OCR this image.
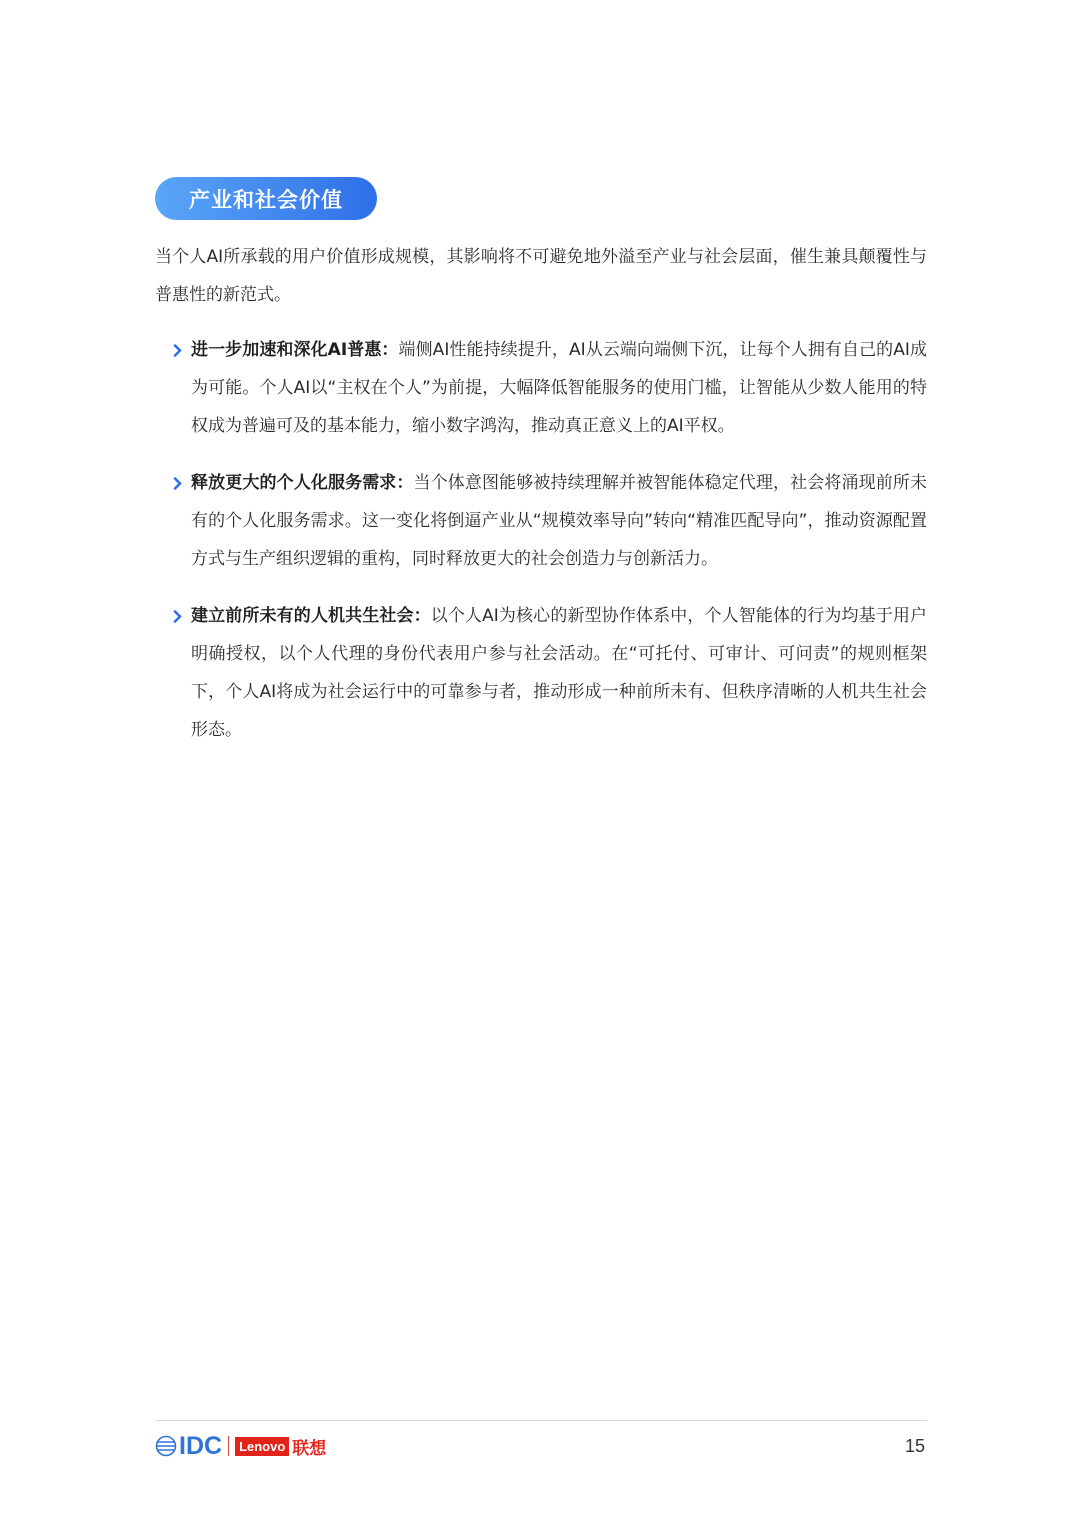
产业和社会价值

当个人AI所承载的用户价值形成规模，其影响将不可避免地外溢至产业与社会层面，催生兼具颠覆性与普惠性的新范式。

进一步加速和深化AI普惠：端侧AI性能持续提升，AI从云端向端侧下沉，让每个人拥有自己的AI成为可能。个人AI以“主权在个人”为前提，大幅降低智能服务的使用门槛，让智能从少数人能用的特权成为普遍可及的基本能力，缩小数字鸿沟，推动真正意义上的AI平权。
释放更大的个人化服务需求：当个体意图能够被持续理解并被智能体稳定代理，社会将涌现前所未有的个人化服务需求。这一变化将倒逼产业从“规模效率导向”转向“精准匹配导向”，推动资源配置方式与生产组织逻辑的重构，同时释放更大的社会创造力与创新活力。
建立前所未有的人机共生社会：以个人AI为核心的新型协作体系中，个人智能体的行为均基于用户明确授权，以个人代理的身份代表用户参与社会活动。在“可托付、可审计、可问责”的规则框架下，个人AI将成为社会运行中的可靠参与者，推动形成一种前所未有、但秩序清晰的人机共生社会形态。
IDC	Lenovo 联想	15
